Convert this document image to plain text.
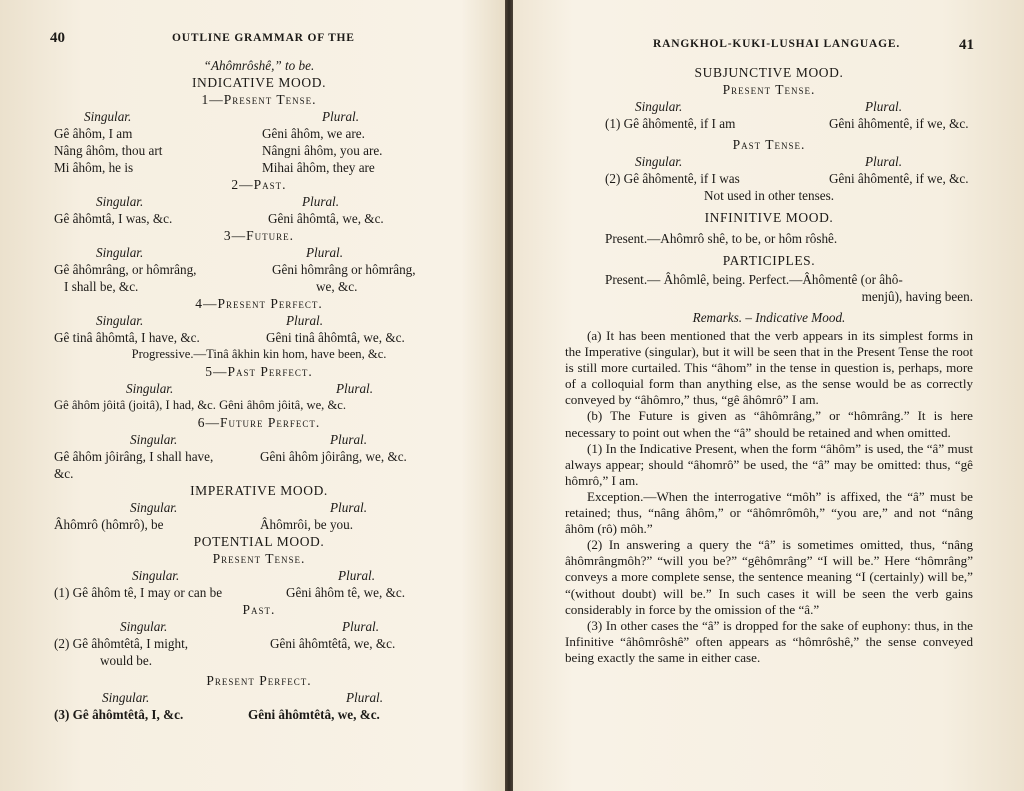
40	OUTLINE GRAMMAR OF THE
“Ahômrôshê,” to be.
INDICATIVE MOOD.
1—Present Tense.
Singular.	Plural.
Gê âhôm, I am	Gêni âhôm, we are.
Nâng âhôm, thou art	Nângni âhôm, you are.
Mi âhôm, he is	Mihai âhôm, they are
2—Past.
Singular.	Plural.
Gê âhômtâ, I was, &c.	Gêni âhômtâ, we, &c.
3—Future.
Singular.	Plural.
Gê âhômrâng, or hômrâng,	Gêni hômrâng or hômrâng,
I shall be, &c.	we, &c.
4—Present Perfect.
Singular.	Plural.
Gê tinâ âhômtâ, I have, &c.	Gêni tinâ âhômtâ, we, &c.
Progressive.—Tinâ âkhin kin hom, have been, &c.
5—Past Perfect.
Singular.	Plural.
Gê âhôm jôitâ (joitâ), I had, &c. Gêni âhôm jôitâ, we, &c.
6—Future Perfect.
Singular.	Plural.
Gê âhôm jôirâng, I shall have,	Gêni âhôm jôirâng, we, &c.
&c.
IMPERATIVE MOOD.
Singular.	Plural.
Âhômrô (hômrô), be	Âhômrôi, be you.
POTENTIAL MOOD.
Present Tense.
Singular.	Plural.
(1) Gê âhôm tê, I may or can be	Gêni âhôm tê, we, &c.
Past.
Singular.	Plural.
(2) Gê âhômtêtâ, I might,	Gêni âhômtêtâ, we, &c.
would be.
Present Perfect.
Singular.	Plural.
(3) Gê âhômtêtâ, I, &c.	Gêni âhômtêtâ, we, &c.
RANGKHOL-KUKI-LUSHAI LANGUAGE.	41
SUBJUNCTIVE MOOD.
Present Tense.
Singular.	Plural.
(1) Gê âhômentê, if I am	Gêni âhômentê, if we, &c.
Past Tense.
Singular.	Plural.
(2) Gê âhômentê, if I was	Gêni âhômentê, if we, &c.
Not used in other tenses.
INFINITIVE MOOD.
Present.—Ahômrô shê, to be, or hôm rôshê.
PARTICIPLES.
Present.— Âhômlê, being. Perfect.—Âhômentê (or âhô-
menjû), having been.
Remarks. – Indicative Mood.

(a) It has been mentioned that the verb appears in its simplest forms in the Imperative (singular), but it will be seen that in the Present Tense the root is still more curtailed. This “âhom” in the tense in question is, perhaps, more of a colloquial form than anything else, as the sense would be as correctly conveyed by “âhômro,” thus, “gê âhômrô” I am.

(b) The Future is given as “âhômrâng,” or “hômrâng.” It is here necessary to point out when the “â” should be retained and when omitted.

(1) In the Indicative Present, when the form “âhôm” is used, the “â” must always appear; should “âhomrô” be used, the “â” may be omitted: thus, “gê hômrô,” I am.

Exception.—When the interrogative “môh” is affixed, the “â” must be retained; thus, “nâng âhôm,” or “âhômrômôh,” “you are,” and not “nâng âhôm (rô) môh.”

(2) In answering a query the “â” is sometimes omitted, thus, “nâng âhômrângmôh?” “will you be?” “gêhômrâng” “I will be.” Here “hômrâng” conveys a more complete sense, the sentence meaning “I (certainly) will be,” “(without doubt) will be.” In such cases it will be seen the verb gains considerably in force by the omission of the “â.”

(3) In other cases the “â” is dropped for the sake of euphony: thus, in the Infinitive “âhômrôshê” often appears as “hômrôshê,” the sense conveyed being exactly the same in either case.
